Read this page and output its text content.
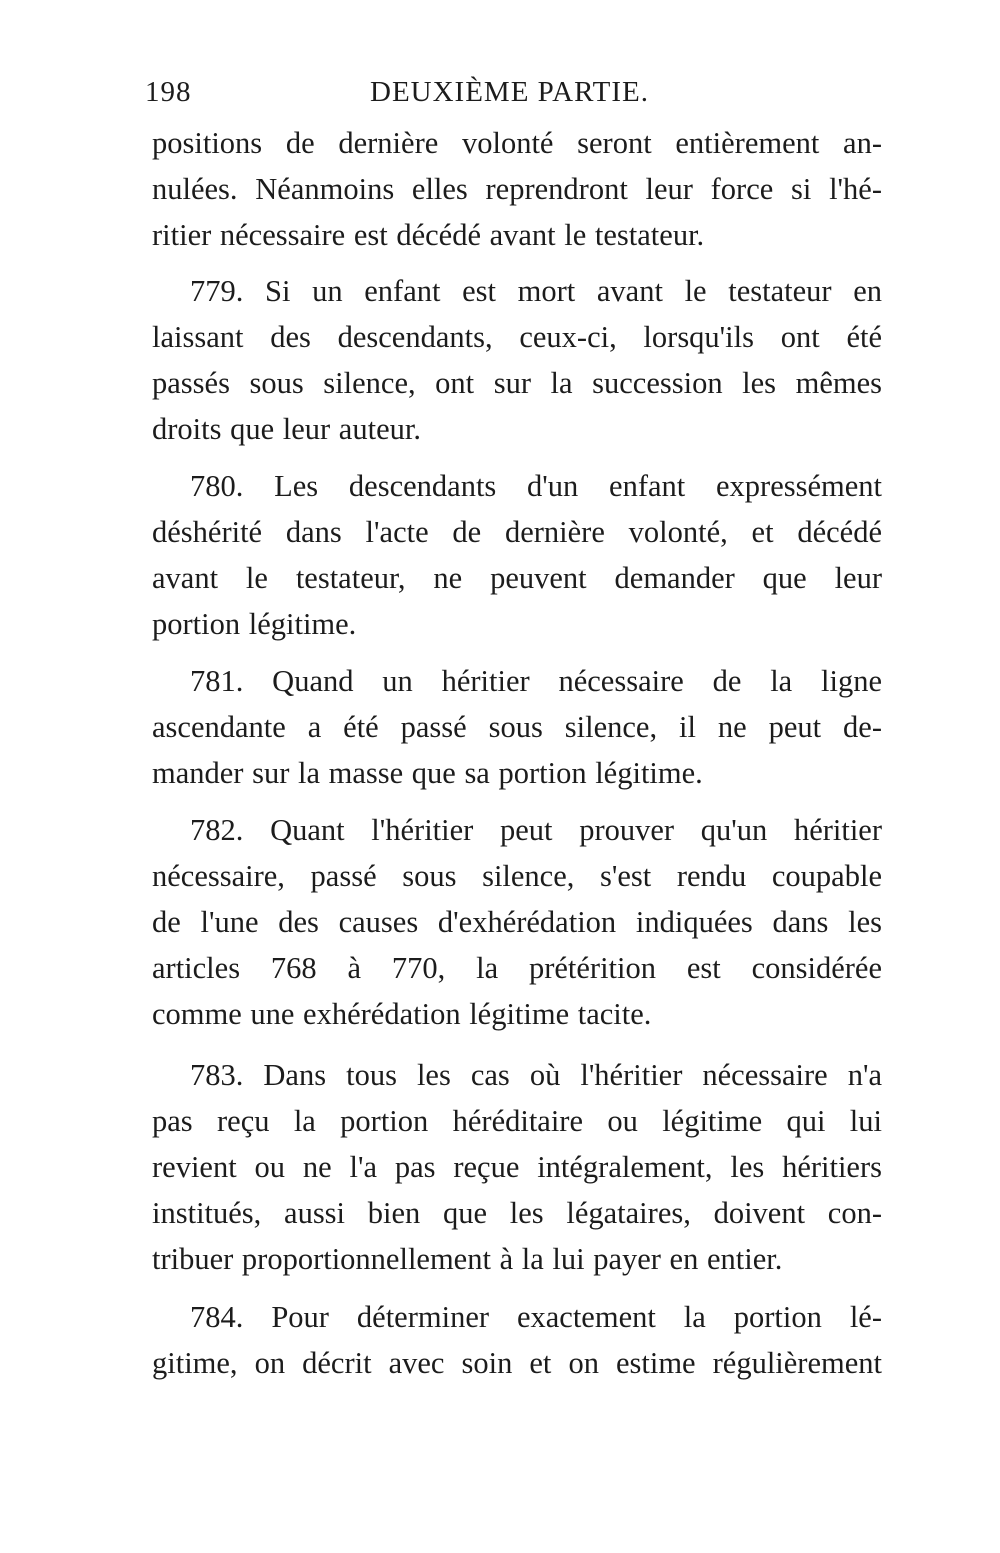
198	DEUXIÈME PARTIE.
positions de dernière volonté seront entièrement an-
nulées. Néanmoins elles reprendront leur force si l'hé-
ritier nécessaire est décédé avant le testateur.
779. Si un enfant est mort avant le testateur en
laissant des descendants, ceux-ci, lorsqu'ils ont été
passés sous silence, ont sur la succession les mêmes
droits que leur auteur.
780. Les descendants d'un enfant expressément
déshérité dans l'acte de dernière volonté, et décédé
avant le testateur, ne peuvent demander que leur
portion légitime.
781. Quand un héritier nécessaire de la ligne
ascendante a été passé sous silence, il ne peut de-
mander sur la masse que sa portion légitime.
782. Quant l'héritier peut prouver qu'un héritier
nécessaire, passé sous silence, s'est rendu coupable
de l'une des causes d'exhérédation indiquées dans les
articles 768 à 770, la prétérition est considérée
comme une exhérédation légitime tacite.
783. Dans tous les cas où l'héritier nécessaire n'a
pas reçu la portion héréditaire ou légitime qui lui
revient ou ne l'a pas reçue intégralement, les héritiers
institués, aussi bien que les légataires, doivent con-
tribuer proportionnellement à la lui payer en entier.
784. Pour déterminer exactement la portion lé-
gitime, on décrit avec soin et on estime régulièrement
